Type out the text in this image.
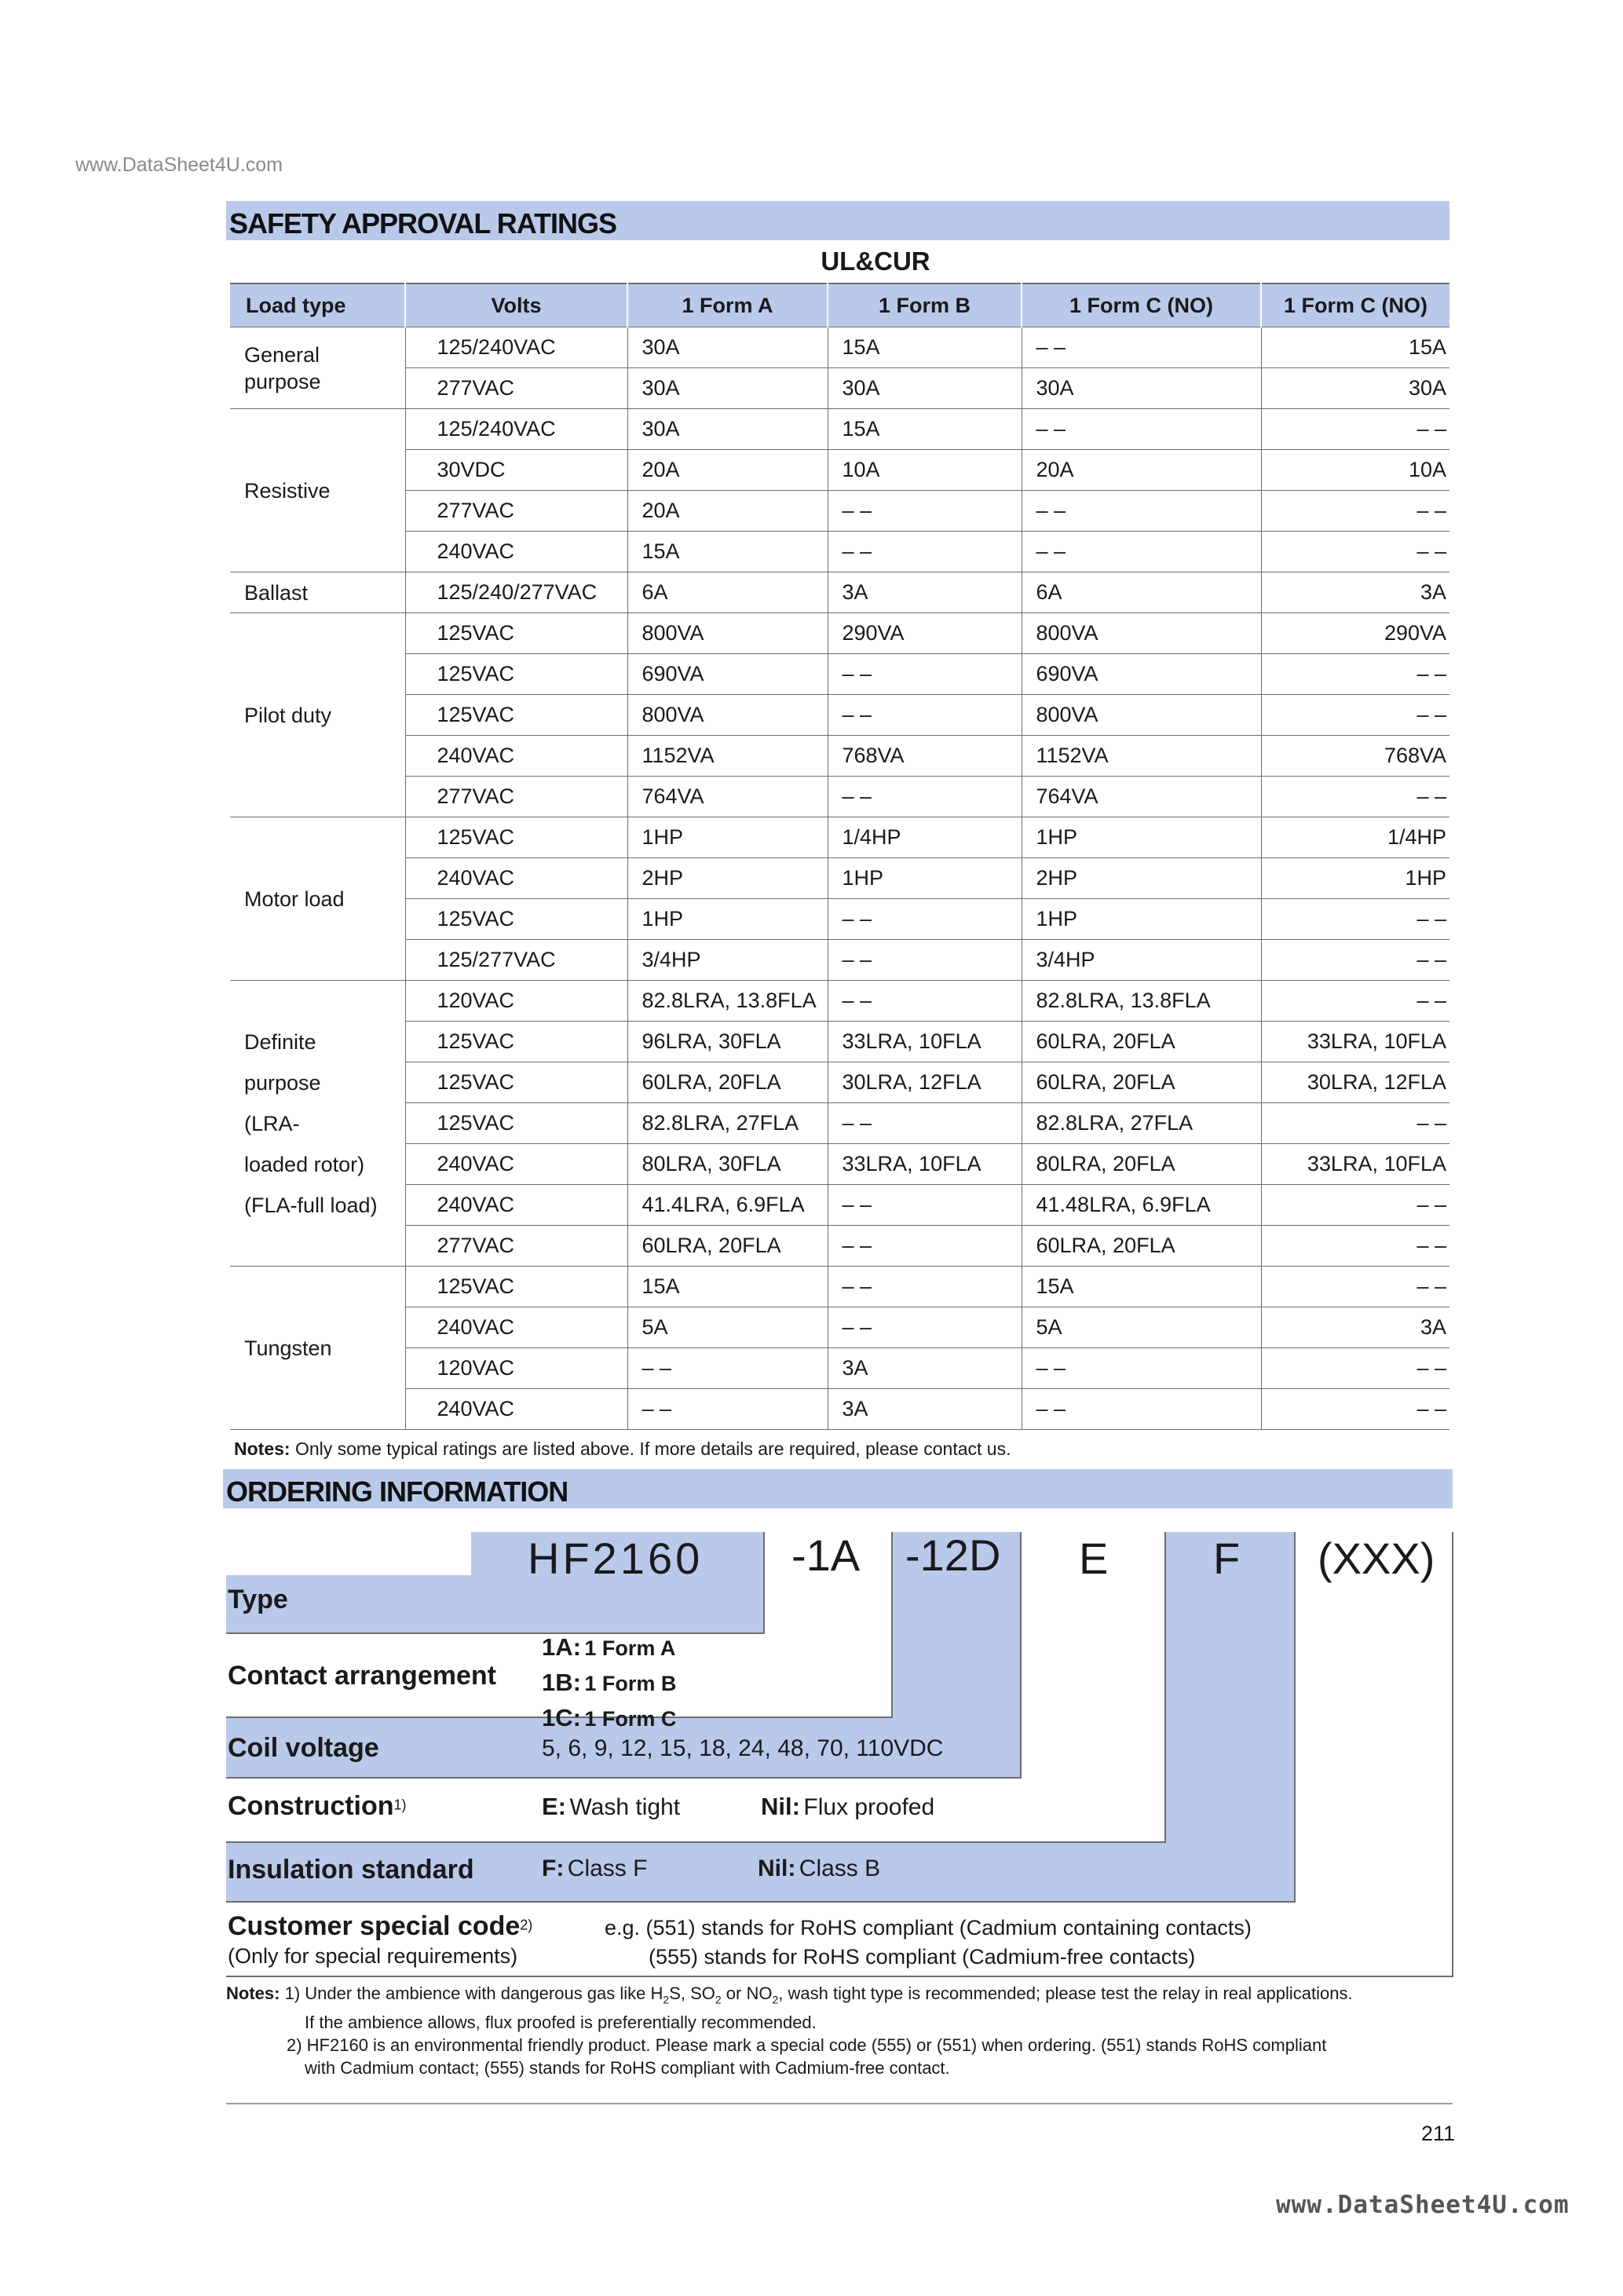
www.DataSheet4U.com
SAFETY APPROVAL RATINGS
UL&CUR
Load type	Volts	1 Form A	1 Form B	1 Form C (NO)	1 Form C (NO)
General purpose	125/240VAC	30A	15A	– –	15A
	277VAC	30A	30A	30A	30A
Resistive	125/240VAC	30A	15A	– –	– –
	30VDC	20A	10A	20A	10A
	277VAC	20A	– –	– –	– –
	240VAC	15A	– –	– –	– –
Ballast	125/240/277VAC	6A	3A	6A	3A
Pilot duty	125VAC	800VA	290VA	800VA	290VA
	125VAC	690VA	– –	690VA	– –
	125VAC	800VA	– –	800VA	– –
	240VAC	1152VA	768VA	1152VA	768VA
	277VAC	764VA	– –	764VA	– –
Motor load	125VAC	1HP	1/4HP	1HP	1/4HP
	240VAC	2HP	1HP	2HP	1HP
	125VAC	1HP	– –	1HP	– –
	125/277VAC	3/4HP	– –	3/4HP	– –

Definite
purpose
(LRA-
loaded rotor)
(FLA-full load)	120VAC	82.8LRA, 13.8FLA	– –	82.8LRA, 13.8FLA	– –
	125VAC	96LRA, 30FLA	33LRA, 10FLA	60LRA, 20FLA	33LRA, 10FLA
	125VAC	60LRA, 20FLA	30LRA, 12FLA	60LRA, 20FLA	30LRA, 12FLA
	125VAC	82.8LRA, 27FLA	– –	82.8LRA, 27FLA	– –
	240VAC	80LRA, 30FLA	33LRA, 10FLA	80LRA, 20FLA	33LRA, 10FLA
	240VAC	41.4LRA, 6.9FLA	– –	41.48LRA, 6.9FLA	– –
	277VAC	60LRA, 20FLA	– –	60LRA, 20FLA	– –
Tungsten	125VAC	15A	– –	15A	– –
	240VAC	5A	– –	5A	3A
	120VAC	– –	3A	– –	– –
	240VAC	– –	3A	– –	– –
Notes: Only some typical ratings are listed above. If more details are required, please contact us.
ORDERING INFORMATION
HF2160 -1A -12D E F (XXX)
Type
Contact arrangement
1A: 1 Form A
1B: 1 Form B
1C: 1 Form C
Coil voltage	5, 6, 9, 12, 15, 18, 24, 48, 70, 110VDC
Construction$^{1)}$	E: Wash tight	Nil: Flux proofed
Insulation standard	F: Class F	Nil: Class B
Customer special code$^{2)}$
(Only for special requirements)
e.g. (551) stands for RoHS compliant (Cadmium containing contacts)
(555) stands for RoHS compliant (Cadmium-free contacts)
Notes: 1) Under the ambience with dangerous gas like $H_2S$, $SO_2$ or $NO_2$, wash tight type is recommended; please test the relay in real applications.
If the ambience allows, flux proofed is preferentially recommended.
2) HF2160 is an environmental friendly product. Please mark a special code (555) or (551) when ordering. (551) stands RoHS compliant
with Cadmium contact; (555) stands for RoHS compliant with Cadmium-free contact.
211
www.DataSheet4U.com
